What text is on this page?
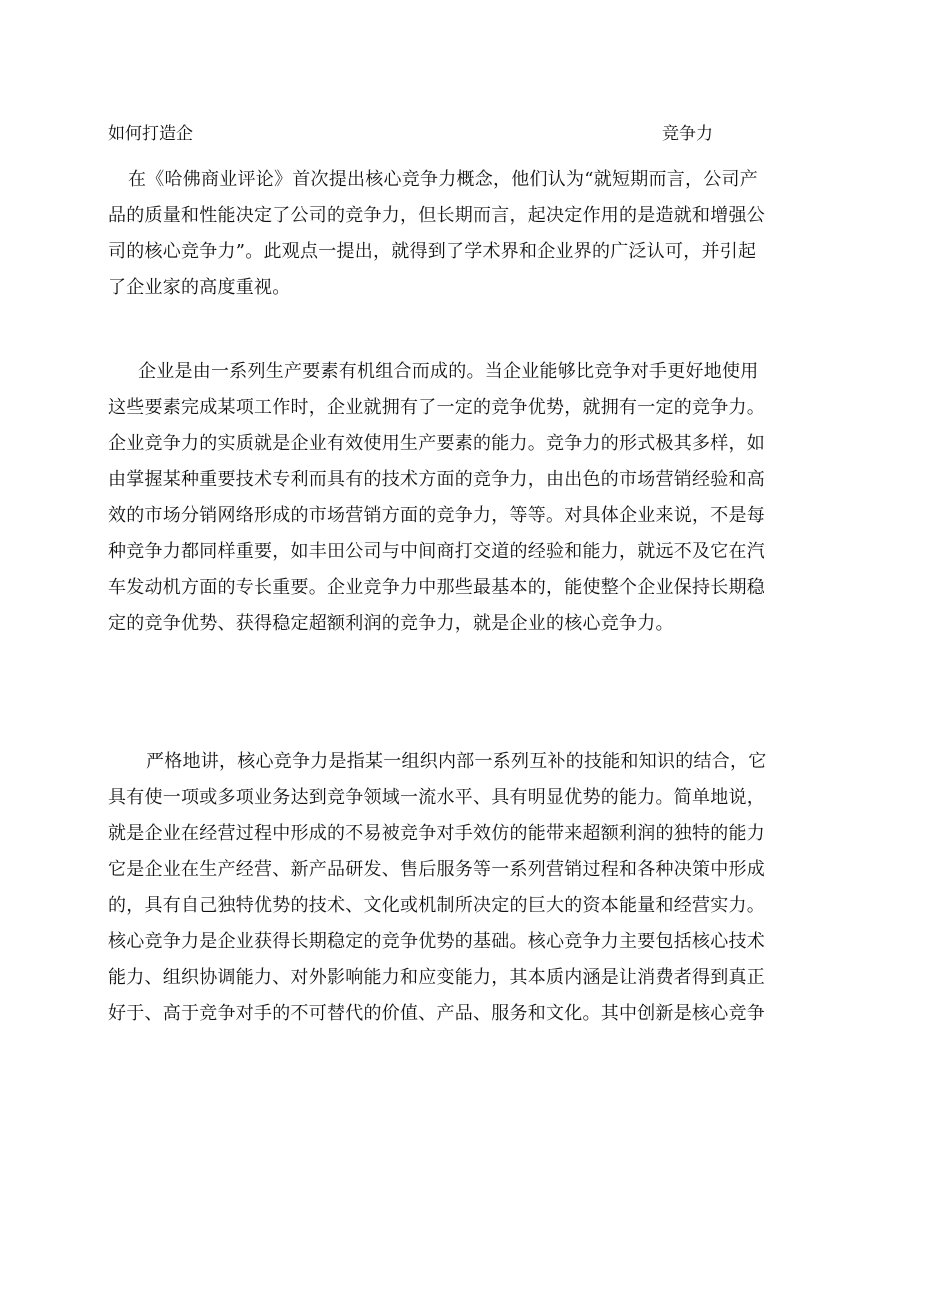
如何打造企	竞争力
在《哈佛商业评论》首次提出核心竞争力概念，他们认为“就短期而言，公司产
品的质量和性能决定了公司的竞争力，但长期而言，起决定作用的是造就和增强公
司的核心竞争力”。此观点一提出，就得到了学术界和企业界的广泛认可，并引起
了企业家的高度重视。
企业是由一系列生产要素有机组合而成的。当企业能够比竞争对手更好地使用
这些要素完成某项工作时，企业就拥有了一定的竞争优势，就拥有一定的竞争力。
企业竞争力的实质就是企业有效使用生产要素的能力。竞争力的形式极其多样，如
由掌握某种重要技术专利而具有的技术方面的竞争力，由出色的市场营销经验和高
效的市场分销网络形成的市场营销方面的竞争力，等等。对具体企业来说，不是每
种竞争力都同样重要，如丰田公司与中间商打交道的经验和能力，就远不及它在汽
车发动机方面的专长重要。企业竞争力中那些最基本的，能使整个企业保持长期稳
定的竞争优势、获得稳定超额利润的竞争力，就是企业的核心竞争力。
严格地讲，核心竞争力是指某一组织内部一系列互补的技能和知识的结合，它
具有使一项或多项业务达到竞争领域一流水平、具有明显优势的能力。简单地说，
就是企业在经营过程中形成的不易被竞争对手效仿的能带来超额利润的独特的能力
它是企业在生产经营、新产品研发、售后服务等一系列营销过程和各种决策中形成
的，具有自己独特优势的技术、文化或机制所决定的巨大的资本能量和经营实力。
核心竞争力是企业获得长期稳定的竞争优势的基础。核心竞争力主要包括核心技术
能力、组织协调能力、对外影响能力和应变能力，其本质内涵是让消费者得到真正
好于、高于竞争对手的不可替代的价值、产品、服务和文化。其中创新是核心竞争
